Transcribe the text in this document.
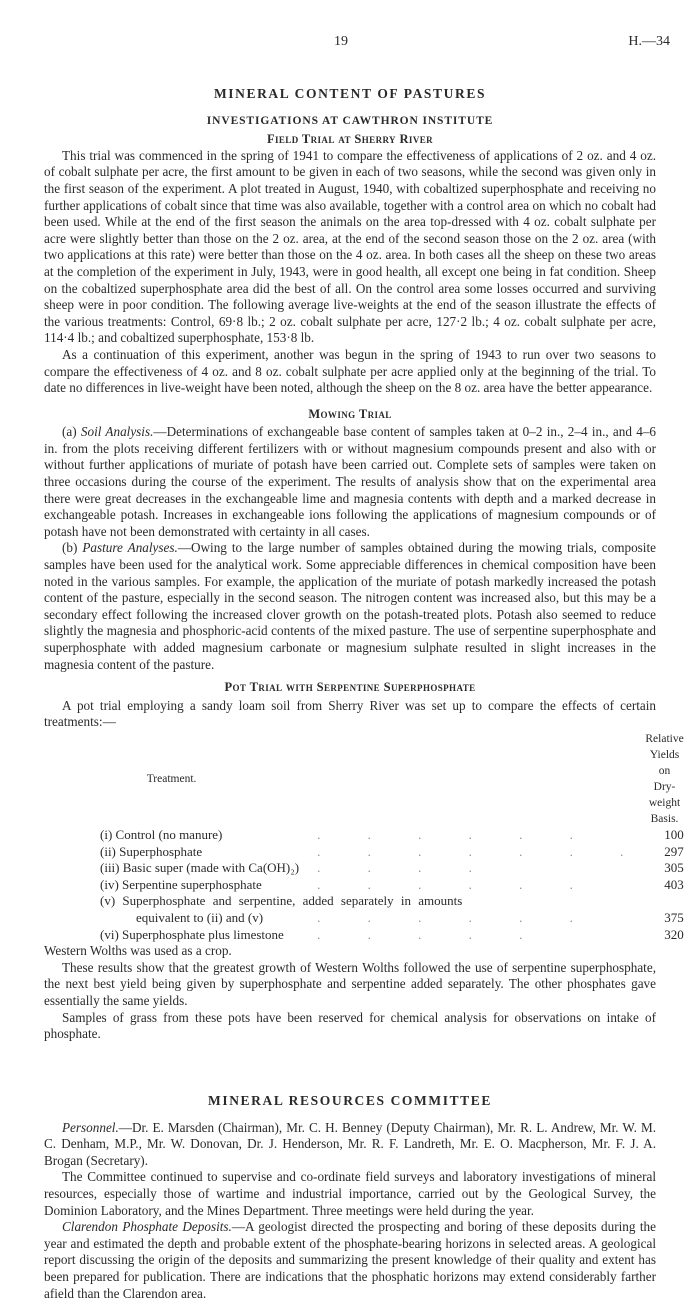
19	H.—34
MINERAL CONTENT OF PASTURES
INVESTIGATIONS AT CAWTHRON INSTITUTE
Field Trial at Sherry River

This trial was commenced in the spring of 1941 to compare the effectiveness of applications of 2 oz. and 4 oz. of cobalt sulphate per acre, the first amount to be given in each of two seasons, while the second was given only in the first season of the experiment. A plot treated in August, 1940, with cobaltized superphosphate and receiving no further applications of cobalt since that time was also available, together with a control area on which no cobalt had been used. While at the end of the first season the animals on the area top-dressed with 4 oz. cobalt sulphate per acre were slightly better than those on the 2 oz. area, at the end of the second season those on the 2 oz. area (with two applications at this rate) were better than those on the 4 oz. area. In both cases all the sheep on these two areas at the completion of the experiment in July, 1943, were in good health, all except one being in fat condition. Sheep on the cobaltized superphosphate area did the best of all. On the control area some losses occurred and surviving sheep were in poor condition. The following average live-weights at the end of the season illustrate the effects of the various treatments: Control, 69·8 lb.; 2 oz. cobalt sulphate per acre, 127·2 lb.; 4 oz. cobalt sulphate per acre, 114·4 lb.; and cobaltized superphosphate, 153·8 lb.

As a continuation of this experiment, another was begun in the spring of 1943 to run over two seasons to compare the effectiveness of 4 oz. and 8 oz. cobalt sulphate per acre applied only at the beginning of the trial. To date no differences in live-weight have been noted, although the sheep on the 8 oz. area have the better appearance.

Mowing Trial

(a) Soil Analysis.—Determinations of exchangeable base content of samples taken at 0–2 in., 2–4 in., and 4–6 in. from the plots receiving different fertilizers with or without magnesium compounds present and also with or without further applications of muriate of potash have been carried out. Complete sets of samples were taken on three occasions during the course of the experiment. The results of analysis show that on the experimental area there were great decreases in the exchangeable lime and magnesia contents with depth and a marked decrease in exchangeable potash. Increases in exchangeable ions following the applications of magnesium compounds or of potash have not been demonstrated with certainty in all cases.

(b) Pasture Analyses.—Owing to the large number of samples obtained during the mowing trials, composite samples have been used for the analytical work. Some appreciable differences in chemical composition have been noted in the various samples. For example, the application of the muriate of potash markedly increased the potash content of the pasture, especially in the second season. The nitrogen content was increased also, but this may be a secondary effect following the increased clover growth on the potash-treated plots. Potash also seemed to reduce slightly the magnesia and phosphoric-acid contents of the mixed pasture. The use of serpentine superphosphate and superphosphate with added magnesium carbonate or magnesium sulphate resulted in slight increases in the magnesia content of the pasture.

Pot Trial with Serpentine Superphosphate

A pot trial employing a sandy loam soil from Sherry River was set up to compare the effects of certain treatments:—

Treatment.		Relative Yields on
Dry-weight Basis.

(i) Control (no manure)	. . . . . .	100
(ii) Superphosphate	. . . . . . .	297
(iii) Basic super (made with Ca(OH)₂)	. . . .	305
(iv) Serpentine superphosphate	. . . . . .	403
(v) Superphosphate and serpentine, added separately in amounts		
equivalent to (ii) and (v)	. . . . . .	375
(vi) Superphosphate plus limestone	. . . . .	320

Western Wolths was used as a crop.

These results show that the greatest growth of Western Wolths followed the use of serpentine superphosphate, the next best yield being given by superphosphate and serpentine added separately. The other phosphates gave essentially the same yields.

Samples of grass from these pots have been reserved for chemical analysis for observations on intake of phosphate.

MINERAL RESOURCES COMMITTEE

Personnel.—Dr. E. Marsden (Chairman), Mr. C. H. Benney (Deputy Chairman), Mr. R. L. Andrew, Mr. W. M. C. Denham, M.P., Mr. W. Donovan, Dr. J. Henderson, Mr. R. F. Landreth, Mr. E. O. Macpherson, Mr. F. J. A. Brogan (Secretary).

The Committee continued to supervise and co-ordinate field surveys and laboratory investigations of mineral resources, especially those of wartime and industrial importance, carried out by the Geological Survey, the Dominion Laboratory, and the Mines Department. Three meetings were held during the year.

Clarendon Phosphate Deposits.—A geologist directed the prospecting and boring of these deposits during the year and estimated the depth and probable extent of the phosphate-bearing horizons in selected areas. A geological report discussing the origin of the deposits and summarizing the present knowledge of their quality and extent has been prepared for publication. There are indications that the phosphatic horizons may extend considerably farther afield than the Clarendon area.
